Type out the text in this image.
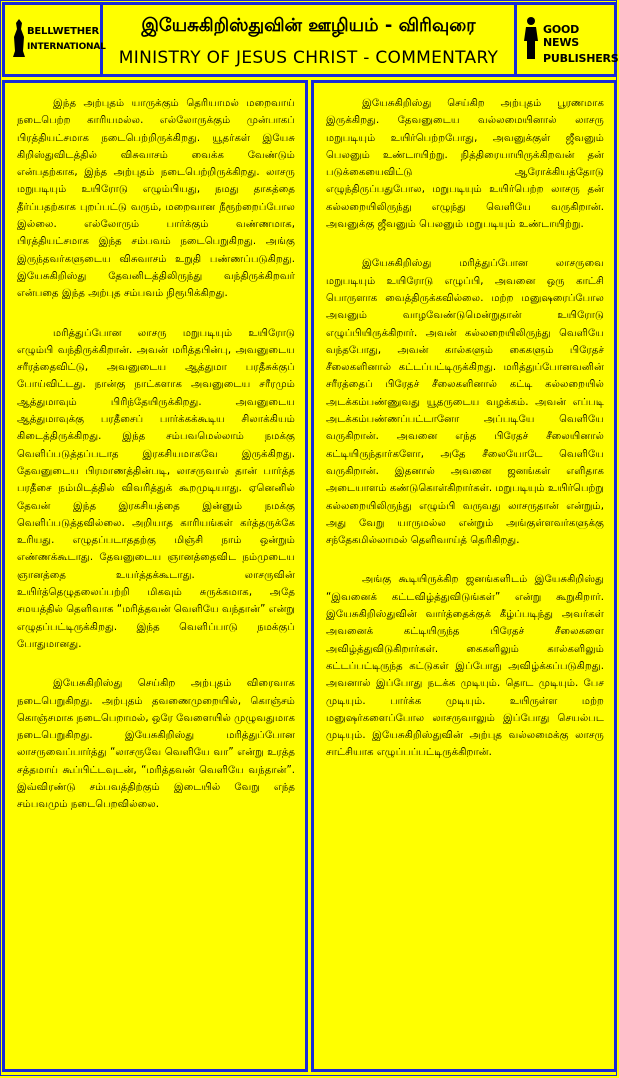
BELLWETHER
INTERNATIONAL
இயேசுகிறிஸ்துவின் ஊழியம் - விரிவுரை
MINISTRY OF JESUS CHRIST - COMMENTARY
GOOD NEWS
PUBLISHERS

இந்த அற்புதம் யாருக்கும் தெரியாமல் மறைவாய் நடைபெற்ற காரியமல்ல. எல்லோருக்கும் முன்பாகப் பிரத்தியட்சமாக நடைபெற்றிருக்கிறது. யூதர்கள் இயேசு கிறிஸ்துவிடத்தில் விசுவாசம் வைக்க வேண்டும் என்பதற்காக, இந்த அற்புதம் நடைபெற்றிருக்கிறது. லாசரு மறுபடியும் உயிரோடு எழும்பியது, நமது தாகத்தை தீர்ப்பதற்காக புறப்பட்டு வரும், மறைவான நீரூற்றைப்போல இல்லை. எல்லோரும் பார்க்கும் வண்ணமாக, பிரத்தியட்சமாக இந்த சம்பவம் நடைபெறுகிறது. அங்கு இருந்தவர்களுடைய விசுவாசம் உறுதி பண்ணப்படுகிறது. இயேசுகிறிஸ்து தேவனிடத்திலிருந்து வந்திருக்கிறவர் என்பதை இந்த அற்புத சம்பவம் நிரூபிக்கிறது.

மரித்துப்போன லாசரு மறுபடியும் உயிரோடு எழும்பி வந்திருக்கிறான். அவன் மரித்தபின்பு, அவனுடைய சரீரத்தைவிட்டு, அவனுடைய ஆத்துமா பரதீசுக்குப் போய்விட்டது. நான்கு நாட்களாக அவனுடைய சரீரமும் ஆத்துமாவும் பிரிந்தேயிருக்கிறது. அவனுடைய ஆத்துமாவுக்கு பரதீசைப் பார்க்கக்கூடிய சிலாக்கியம் கிடைத்திருக்கிறது. இந்த சம்பவமெல்லாம் நமக்கு வெளிப்படுத்தப்படாத இரகசியமாகவே இருக்கிறது. தேவனுடைய பிரமாணத்தின்படி, லாசருவால் தான் பார்த்த பரதீசை நம்மிடத்தில் விவரித்துக் கூறமுடியாது. ஏனெனில் தேவன் இந்த இரகசியத்தை இன்னும் நமக்கு வெளிப்படுத்தவில்லை. அறியாத காரியங்கள் கர்த்தருக்கே உரியது. எழுதப்படாததற்கு மிஞ்சி நாம் ஒன்றும் எண்ணக்கூடாது. தேவனுடைய ஞானத்தைவிட நம்முடைய ஞானத்தை உயர்த்தக்கூடாது. லாசருவின் உயிர்த்தெழுதலைப்பற்றி மிகவும் சுருக்கமாக, அதே சமயத்தில் தெளிவாக “மரித்தவன் வெளியே வந்தான்” என்று எழுதப்பட்டிருக்கிறது. இந்த வெளிப்பாடு நமக்குப் போதுமானது.

இயேசுகிறிஸ்து செய்கிற அற்புதம் விரைவாக நடைபெறுகிறது. அற்புதம் தவணைமுறையில், கொஞ்சம் கொஞ்சமாக நடைபெறாமல், ஒரே வேளையில் முழுவதுமாக நடைபெறுகிறது. இயேசுகிறிஸ்து மரித்துப்போன லாசருவைப்பார்த்து “லாசருவே வெளியே வா” என்று உரத்த சத்தமாய் கூப்பிட்டவுடன், “மரித்தவன் வெளியே வந்தான்”. இவ்விரண்டு சம்பவத்திற்கும் இடையில் வேறு எந்த சம்பவமும் நடைபெறவில்லை.

இயேசுகிறிஸ்து செய்கிற அற்புதம் பூரணமாக இருக்கிறது. தேவனுடைய வல்லமையினால் லாசரு மறுபடியும் உயிர்பெற்றபோது, அவனுக்குள் ஜீவனும் பெலனும் உண்டாயிற்று. நித்திரையாயிருக்கிறவன் தன் படுக்கையைவிட்டு ஆரோக்கியத்தோடு எழுந்திருப்பதுபோல, மறுபடியும் உயிர்பெற்ற லாசரு தன் கல்லறையிலிருந்து எழுந்து வெளியே வருகிறான். அவனுக்கு ஜீவனும் பெலனும் மறுபடியும் உண்டாயிற்று.

இயேசுகிறிஸ்து மரித்துப்போன லாசருவை மறுபடியும் உயிரோடு எழுப்பி, அவனை ஒரு காட்சி பொருளாக வைத்திருக்கவில்லை. மற்ற மனுஷரைப்போல அவனும் வாழவேண்டுமென்றுதான் உயிரோடு எழுப்பியிருக்கிறார். அவன் கல்லறையிலிருந்து வெளியே வந்தபோது, அவன் கால்களும் கைகளும் பிரேதச் சீலைகளினால் கட்டப்பட்டிருக்கிறது. மரித்துப்போனவனின் சரீரத்தைப் பிரேதச் சீலைகளினால் கட்டி கல்லறையில் அடக்கம்பண்ணுவது யூதருடைய வழக்கம். அவன் எப்படி அடக்கம்பண்ணப்பட்டானோ அப்படியே வெளியே வருகிறான். அவனை எந்த பிரேதச் சீலையினால் கட்டியிருந்தார்களோ, அதே சீலையோடே வெளியே வருகிறான். இதனால் அவனை ஜனங்கள் எளிதாக அடையாளம் கண்டுகொள்கிறார்கள். மறுபடியும் உயிர்பெற்று கல்லறையிலிருந்து எழும்பி வருவது லாசருதான் என்றும், அது வேறு யாருமல்ல என்றும் அங்குள்ளவர்களுக்கு சந்தேகமில்லாமல் தெளிவாய்த் தெரிகிறது.

அங்கு கூடியிருக்கிற ஜனங்களிடம் இயேசுகிறிஸ்து “இவனைக் கட்டவிழ்த்துவிடுங்கள்” என்று கூறுகிறார். இயேசுகிறிஸ்துவின் வார்த்தைக்குக் கீழ்ப்படிந்து அவர்கள் அவனைக் கட்டியிருந்த பிரேதச் சீலைகளை அவிழ்த்துவிடுகிறார்கள். கைகளிலும் கால்களிலும் கட்டப்பட்டிருந்த கட்டுகள் இப்போது அவிழ்க்கப்படுகிறது. அவனால் இப்போது நடக்க முடியும். தொட முடியும். பேச முடியும். பார்க்க முடியும். உயிருள்ள மற்ற மனுஷர்களைப்போல லாசருவாலும் இப்போது செயல்பட முடியும். இயேசுகிறிஸ்துவின் அற்புத வல்லமைக்கு லாசரு சாட்சியாக எழுப்பப்பட்டிருக்கிறான்.
